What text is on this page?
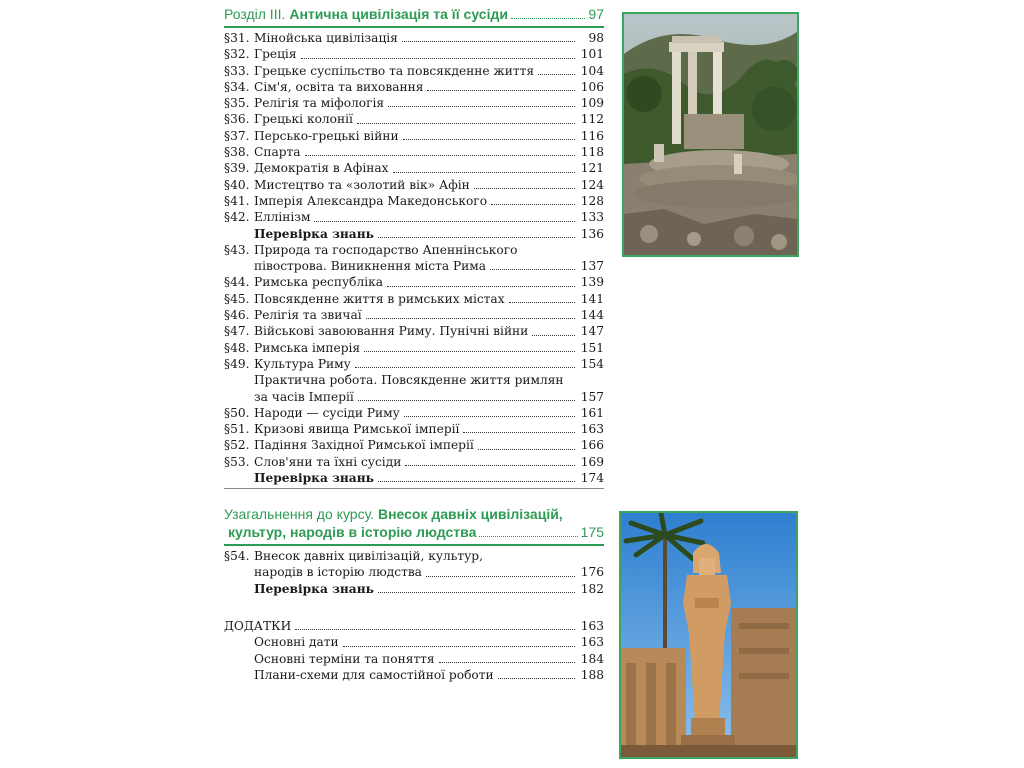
Розділ III. Антична цивілізація та її сусіди	97
§31. Мінойська цивілізація	98
§32. Греція	101
§33. Грецьке суспільство та повсякденне життя	104
§34. Сім'я, освіта та виховання	106
§35. Релігія та міфологія	109
§36. Грецькі колонії	112
§37. Персько-грецькі війни	116
§38. Спарта	118
§39. Демократія в Афінах	121
§40. Мистецтво та «золотий вік» Афін	124
§41. Імперія Александра Македонського	128
§42. Еллінізм	133
Перевірка знань	136
§43. Природа та господарство Апеннінського
півострова. Виникнення міста Рима	137
§44. Римська республіка	139
§45. Повсякденне життя в римських містах	141
§46. Релігія та звичаї	144
§47. Військові завоювання Риму. Пунічні війни	147
§48. Римська імперія	151
§49. Культура Риму	154
Практична робота. Повсякденне життя римлян
за часів Імперії	157
§50. Народи — сусіди Риму	161
§51. Кризові явища Римської імперії	163
§52. Падіння Західної Римської імперії	166
§53. Слов'яни та їхні сусіди	169
Перевірка знань	174
Узагальнення до курсу. Внесок давніх цивілізацій,
культур, народів в історію людства	175
§54. Внесок давніх цивілізацій, культур,
народів в історію людства	176
Перевірка знань	182
ДОДАТКИ	163
Основні дати	163
Основні терміни та поняття	184
Плани-схеми для самостійної роботи	188
